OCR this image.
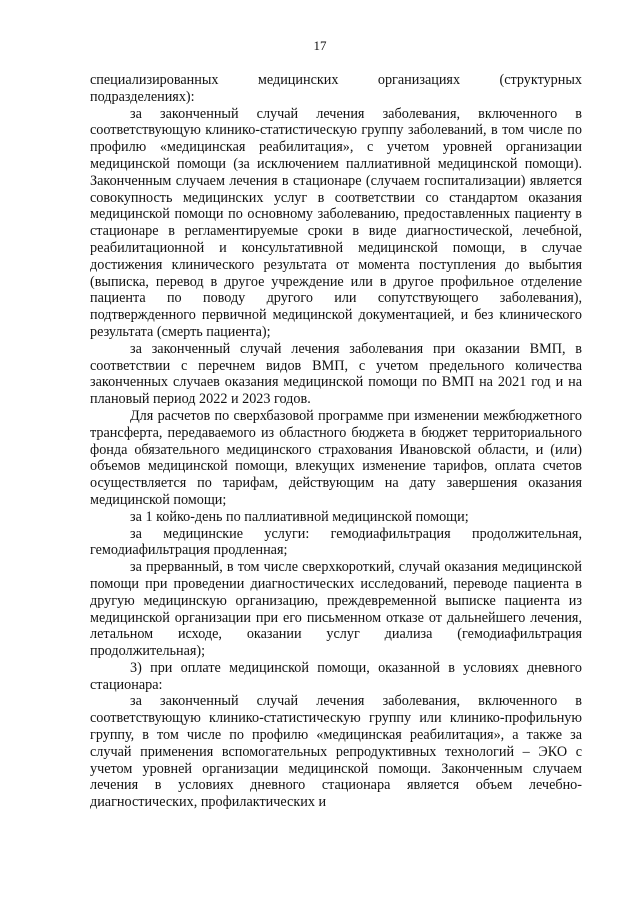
17

специализированных медицинских организациях (структурных подразделениях):

за законченный случай лечения заболевания, включенного в соответствующую клинико-статистическую группу заболеваний, в том числе по профилю «медицинская реабилитация», с учетом уровней организации медицинской помощи (за исключением паллиативной медицинской помощи). Законченным случаем лечения в стационаре (случаем госпитализации) является совокупность медицинских услуг в соответствии со стандартом оказания медицинской помощи по основному заболеванию, предоставленных пациенту в стационаре в регламентируемые сроки в виде диагностической, лечебной, реабилитационной и консультативной медицинской помощи, в случае достижения клинического результата от момента поступления до выбытия (выписка, перевод в другое учреждение или в другое профильное отделение пациента по поводу другого или сопутствующего заболевания), подтвержденного первичной медицинской документацией, и без клинического результата (смерть пациента);

за законченный случай лечения заболевания при оказании ВМП, в соответствии с перечнем видов ВМП, с учетом предельного количества законченных случаев оказания медицинской помощи по ВМП на 2021 год и на плановый период 2022 и 2023 годов.

Для расчетов по сверхбазовой программе при изменении межбюджетного трансферта, передаваемого из областного бюджета в бюджет территориального фонда обязательного медицинского страхования Ивановской области, и (или) объемов медицинской помощи, влекущих изменение тарифов, оплата счетов осуществляется по тарифам, действующим на дату завершения оказания медицинской помощи;

за 1 койко-день по паллиативной медицинской помощи;

за медицинские услуги: гемодиафильтрация продолжительная, гемодиафильтрация продленная;

за прерванный, в том числе сверхкороткий, случай оказания медицинской помощи при проведении диагностических исследований, переводе пациента в другую медицинскую организацию, преждевременной выписке пациента из медицинской организации при его письменном отказе от дальнейшего лечения, летальном исходе, оказании услуг диализа (гемодиафильтрация продолжительная);

3) при оплате медицинской помощи, оказанной в условиях дневного стационара:

за законченный случай лечения заболевания, включенного в соответствующую клинико-статистическую группу или клинико-профильную группу, в том числе по профилю «медицинская реабилитация», а также за случай применения вспомогательных репродуктивных технологий – ЭКО с учетом уровней организации медицинской помощи. Законченным случаем лечения в условиях дневного стационара является объем лечебно-диагностических, профилактических и
